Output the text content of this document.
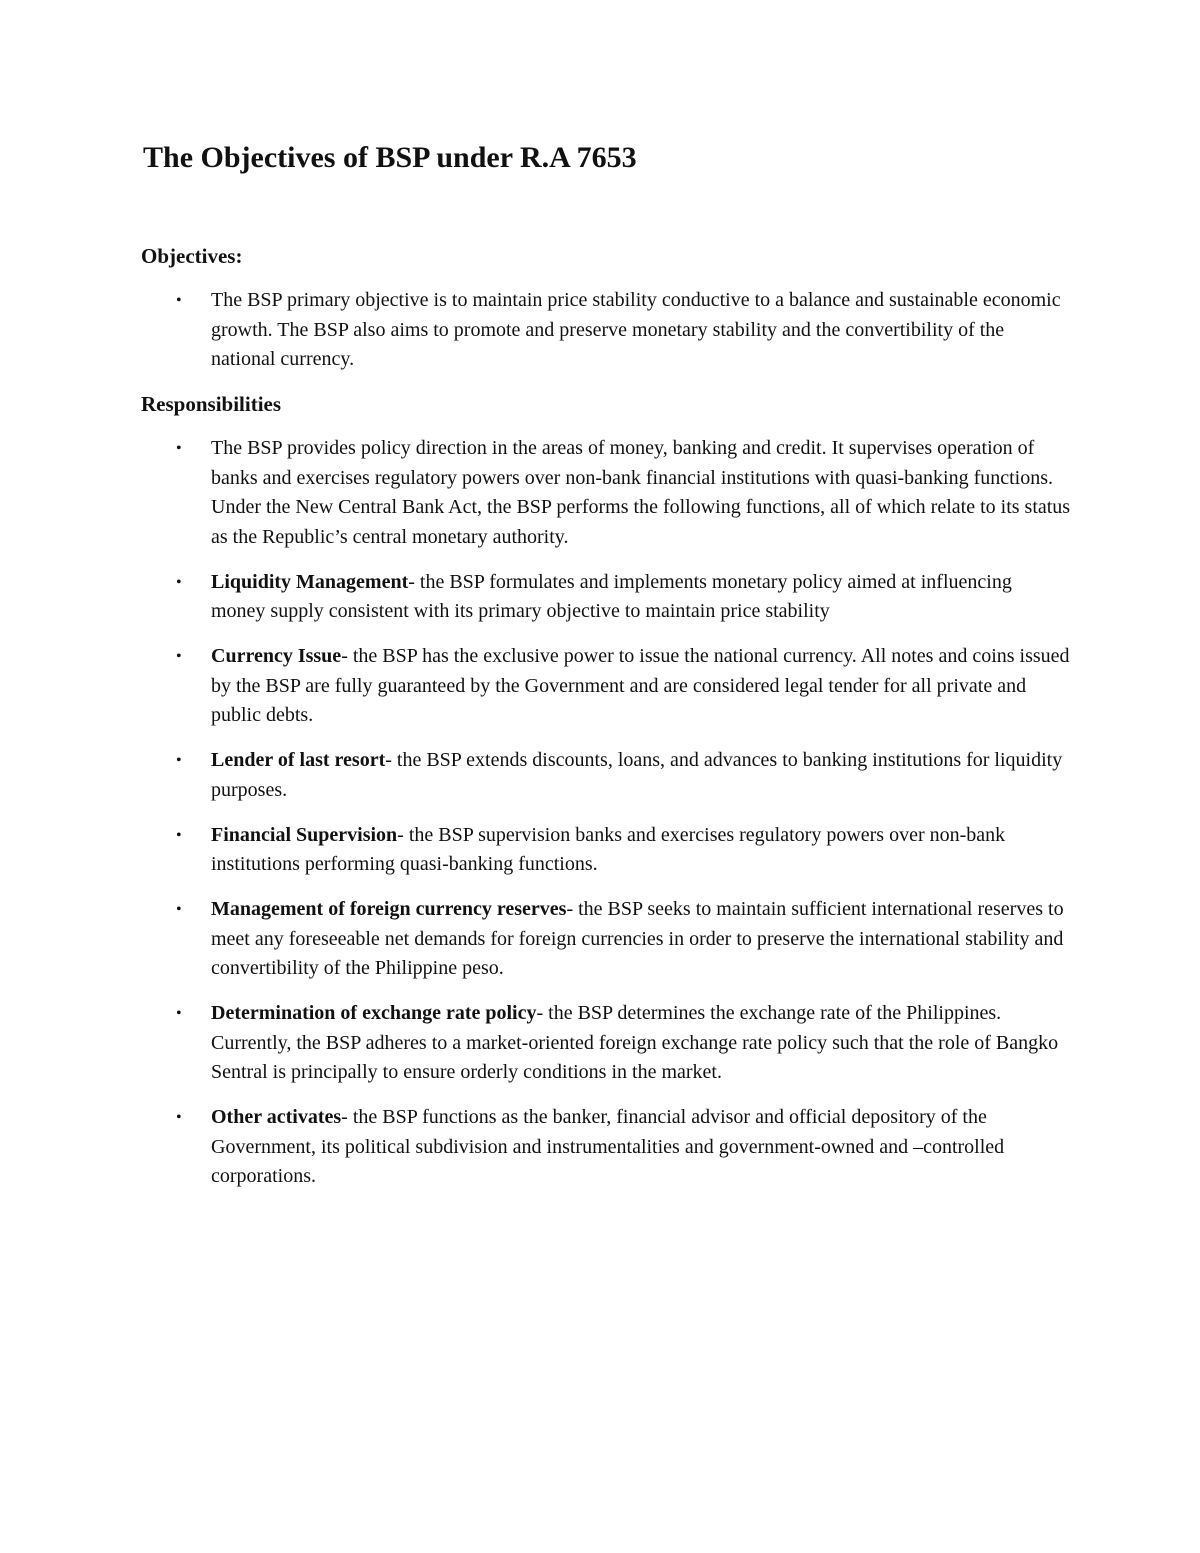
The Objectives of BSP under R.A 7653
Objectives:
• The BSP primary objective is to maintain price stability conductive to a balance and sustainable economic growth. The BSP also aims to promote and preserve monetary stability and the convertibility of the national currency.
Responsibilities
• The BSP provides policy direction in the areas of money, banking and credit. It supervises operation of banks and exercises regulatory powers over non-bank financial institutions with quasi-banking functions. Under the New Central Bank Act, the BSP performs the following functions, all of which relate to its status as the Republic’s central monetary authority.
• Liquidity Management- the BSP formulates and implements monetary policy aimed at influencing money supply consistent with its primary objective to maintain price stability
• Currency Issue- the BSP has the exclusive power to issue the national currency. All notes and coins issued by the BSP are fully guaranteed by the Government and are considered legal tender for all private and public debts.
• Lender of last resort- the BSP extends discounts, loans, and advances to banking institutions for liquidity purposes.
• Financial Supervision- the BSP supervision banks and exercises regulatory powers over non-bank institutions performing quasi-banking functions.
• Management of foreign currency reserves- the BSP seeks to maintain sufficient international reserves to meet any foreseeable net demands for foreign currencies in order to preserve the international stability and convertibility of the Philippine peso.
• Determination of exchange rate policy- the BSP determines the exchange rate of the Philippines. Currently, the BSP adheres to a market-oriented foreign exchange rate policy such that the role of Bangko Sentral is principally to ensure orderly conditions in the market.
• Other activates- the BSP functions as the banker, financial advisor and official depository of the Government, its political subdivision and instrumentalities and government-owned and –controlled corporations.
